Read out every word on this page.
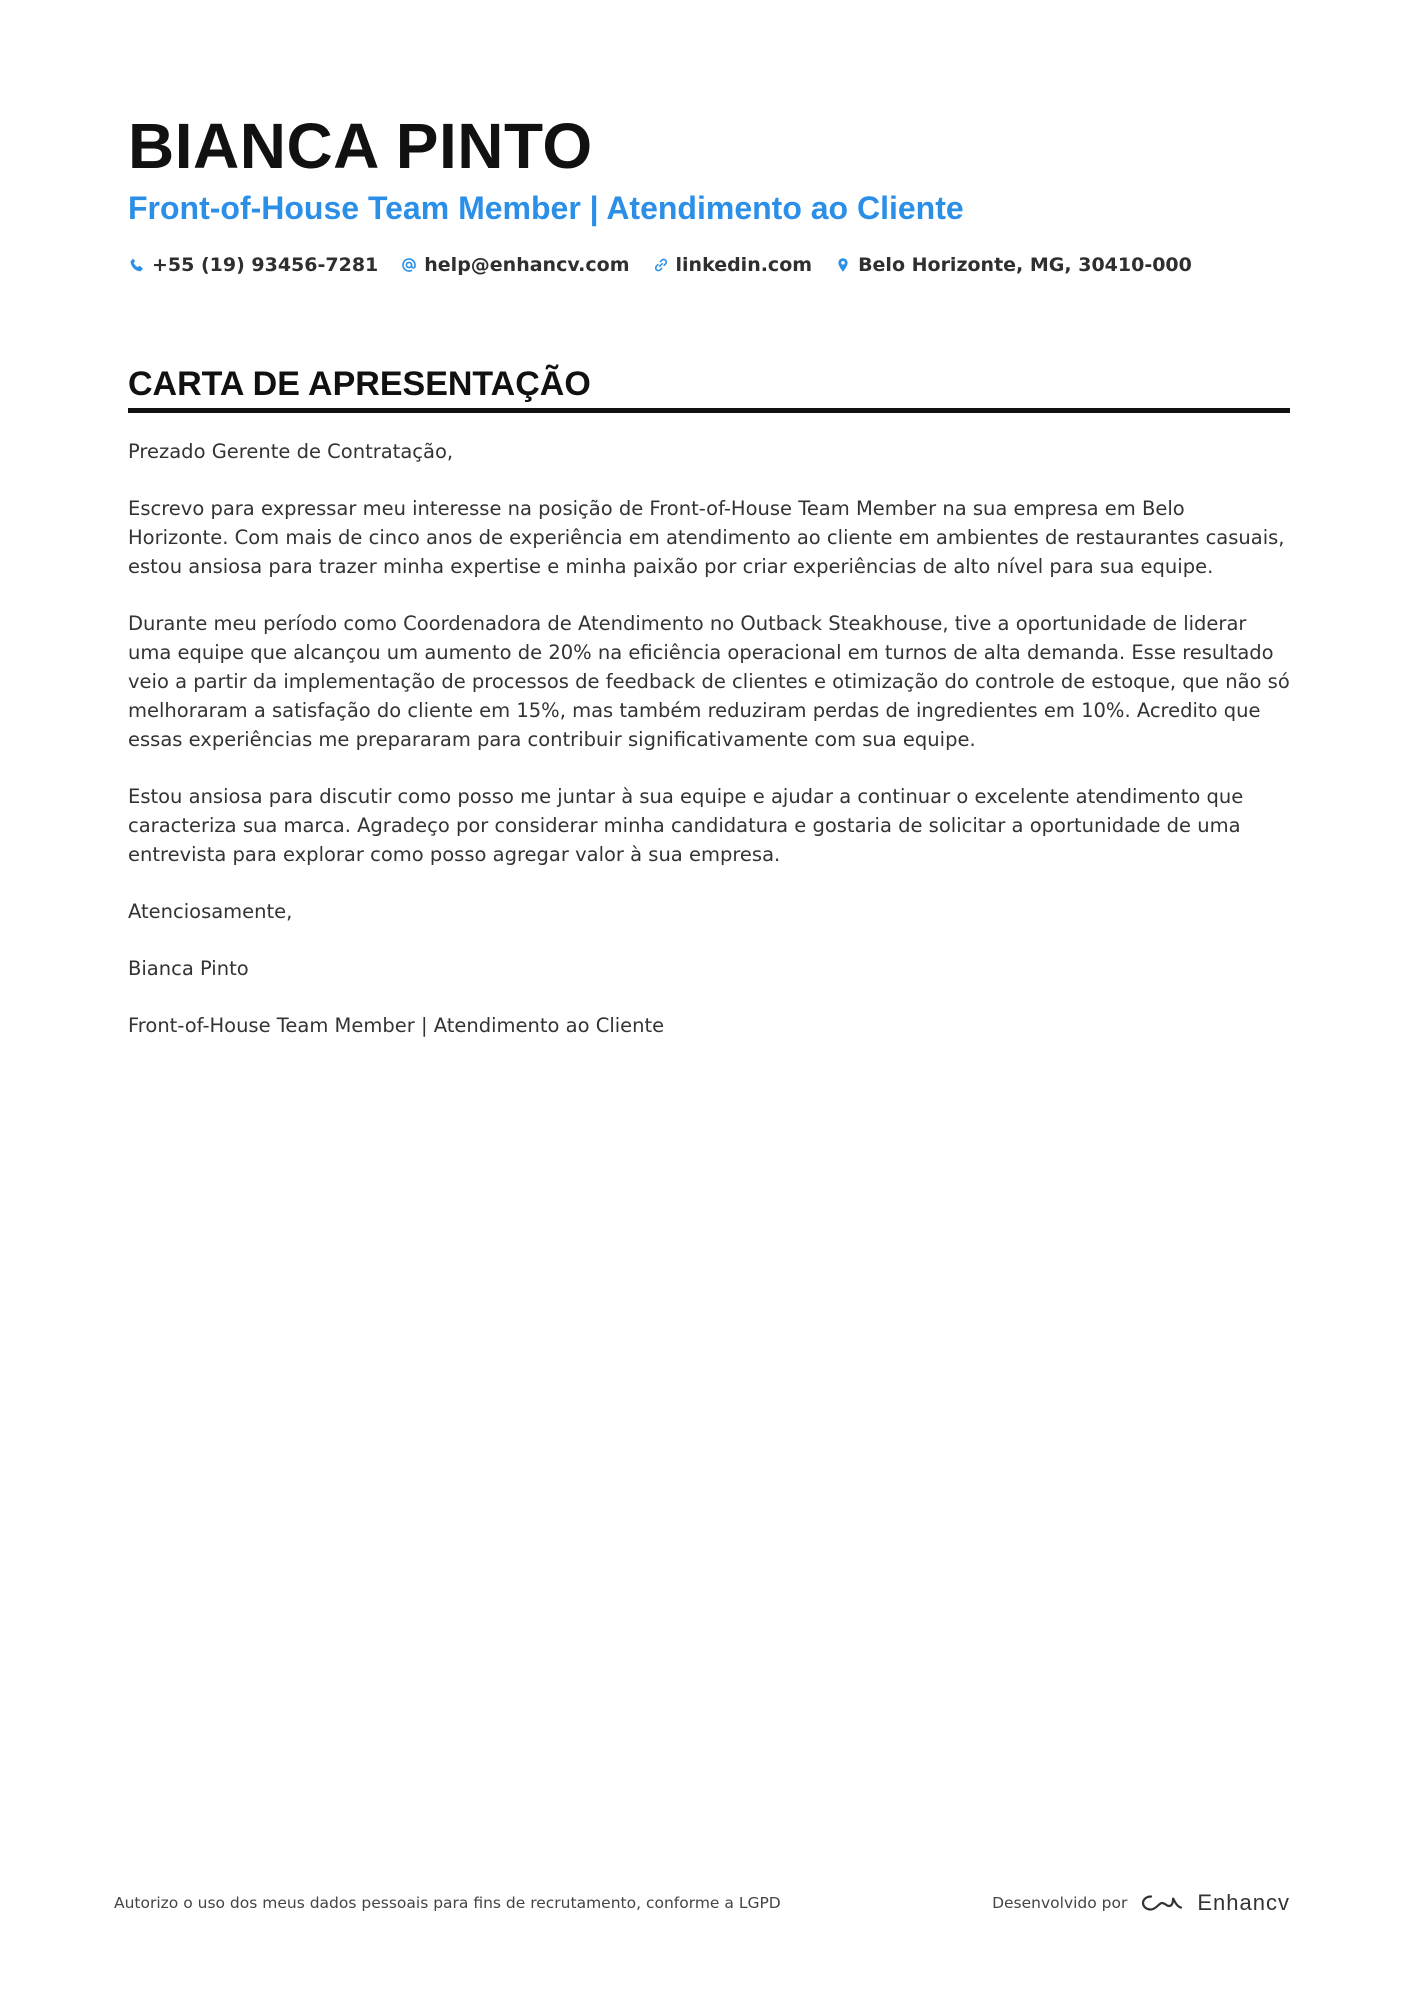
BIANCA PINTO
Front-of-House Team Member | Atendimento ao Cliente
+55 (19) 93456-7281 help@enhancv.com linkedin.com Belo Horizonte, MG, 30410-000
CARTA DE APRESENTAÇÃO

Prezado Gerente de Contratação,

Escrevo para expressar meu interesse na posição de Front-of-House Team Member na sua empresa em Belo Horizonte. Com mais de cinco anos de experiência em atendimento ao cliente em ambientes de restaurantes casuais, estou ansiosa para trazer minha expertise e minha paixão por criar experiências de alto nível para sua equipe.

Durante meu período como Coordenadora de Atendimento no Outback Steakhouse, tive a oportunidade de liderar uma equipe que alcançou um aumento de 20% na eficiência operacional em turnos de alta demanda. Esse resultado veio a partir da implementação de processos de feedback de clientes e otimização do controle de estoque, que não só melhoraram a satisfação do cliente em 15%, mas também reduziram perdas de ingredientes em 10%. Acredito que essas experiências me prepararam para contribuir significativamente com sua equipe.

Estou ansiosa para discutir como posso me juntar à sua equipe e ajudar a continuar o excelente atendimento que caracteriza sua marca. Agradeço por considerar minha candidatura e gostaria de solicitar a oportunidade de uma entrevista para explorar como posso agregar valor à sua empresa.

Atenciosamente,

Bianca Pinto

Front-of-House Team Member | Atendimento ao Cliente

Autorizo o uso dos meus dados pessoais para fins de recrutamento, conforme a LGPD	Desenvolvido por	Enhancv
